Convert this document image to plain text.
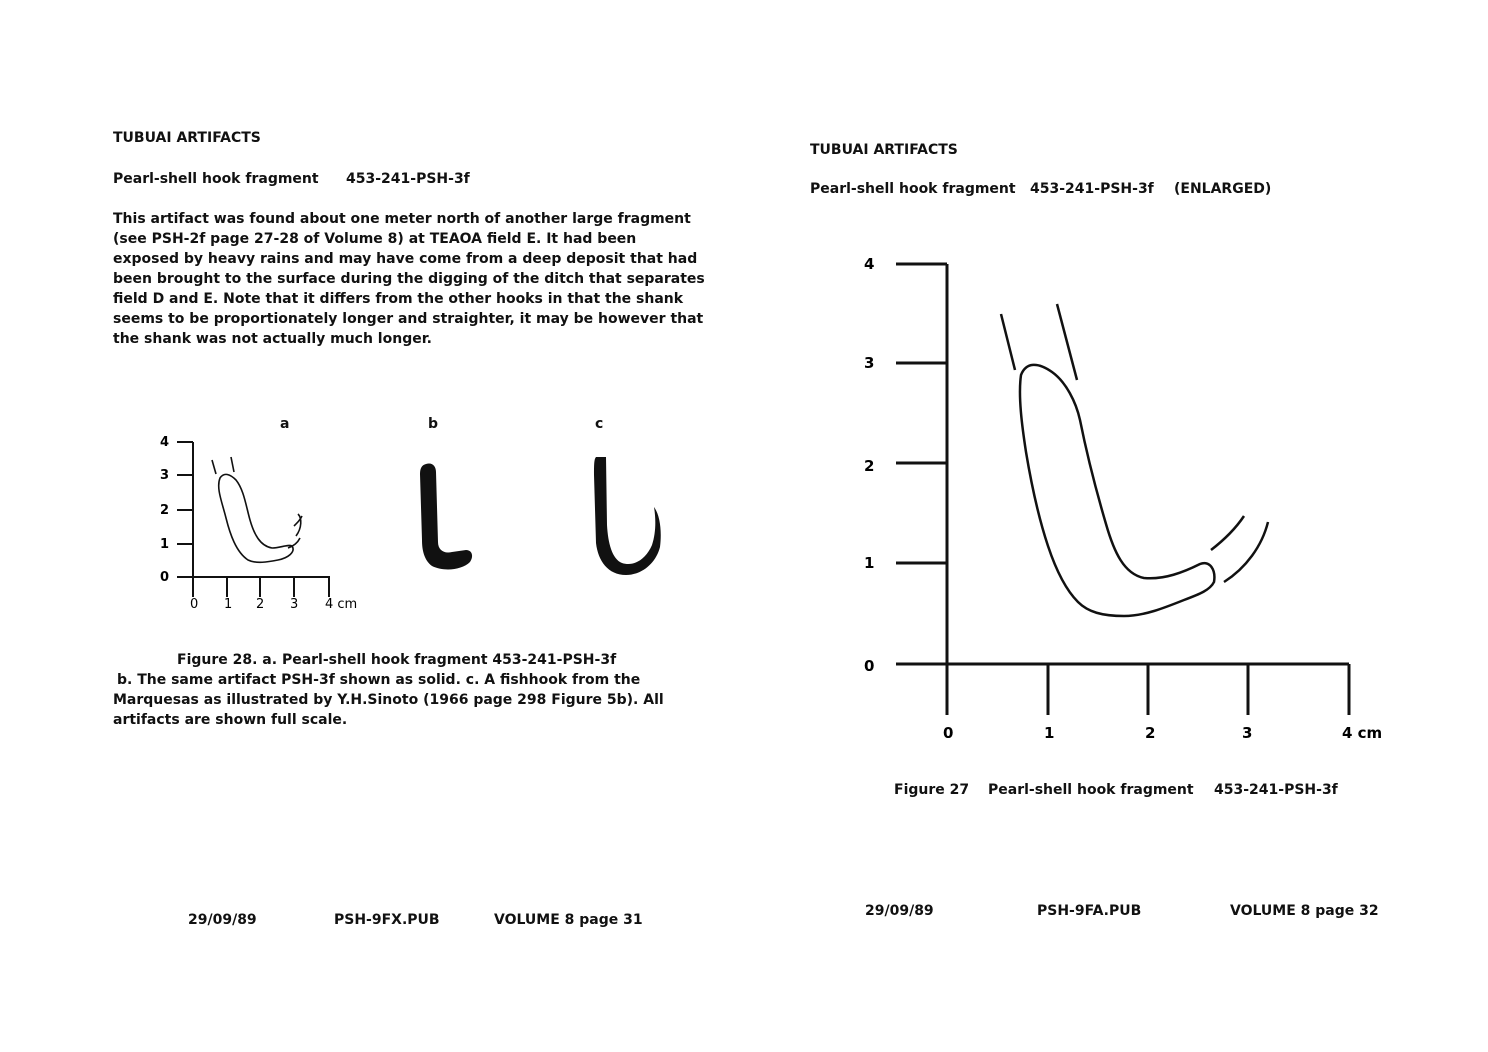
TUBUAI ARTIFACTS
Pearl-shell hook fragment 453-241-PSH-3f
This artifact was found about one meter north of another large fragment
(see PSH-2f page 27-28 of Volume 8) at TEAOA field E. It had been
exposed by heavy rains and may have come from a deep deposit that had
been brought to the surface during the digging of the ditch that separates
field D and E. Note that it differs from the other hooks in that the shank
seems to be proportionately longer and straighter, it may be however that
the shank was not actually much longer.
a	b	c
4
3
2
1
0
0 1 2 3 4 cm
Figure 28. a. Pearl-shell hook fragment 453-241-PSH-3f
b. The same artifact PSH-3f shown as solid. c. A fishhook from the
Marquesas as illustrated by Y.H.Sinoto (1966 page 298 Figure 5b). All
artifacts are shown full scale.
29/09/89	PSH-9FX.PUB	VOLUME 8 page 31
TUBUAI ARTIFACTS
Pearl-shell hook fragment 453-241-PSH-3f (ENLARGED)
4
3
2
1
0
0	1	2	3	4 cm
Figure 27 Pearl-shell hook fragment 453-241-PSH-3f
29/09/89	PSH-9FA.PUB	VOLUME 8 page 32
